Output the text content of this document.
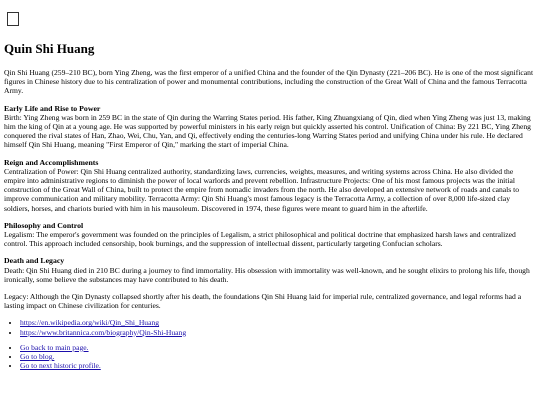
Quin Shi Huang

Qin Shi Huang (259–210 BC), born Ying Zheng, was the first emperor of a unified China and the founder of the Qin Dynasty (221–206 BC). He is one of the most significant figures in Chinese history due to his centralization of power and monumental contributions, including the construction of the Great Wall of China and the famous Terracotta Army.

Early Life and Rise to Power

Birth: Ying Zheng was born in 259 BC in the state of Qin during the Warring States period. His father, King Zhuangxiang of Qin, died when Ying Zheng was just 13, making him the king of Qin at a young age. He was supported by powerful ministers in his early reign but quickly asserted his control. Unification of China: By 221 BC, Ying Zheng conquered the rival states of Han, Zhao, Wei, Chu, Yan, and Qi, effectively ending the centuries-long Warring States period and unifying China under his rule. He declared himself Qin Shi Huang, meaning "First Emperor of Qin," marking the start of imperial China.

Reign and Accomplishments

Centralization of Power: Qin Shi Huang centralized authority, standardizing laws, currencies, weights, measures, and writing systems across China. He also divided the empire into administrative regions to diminish the power of local warlords and prevent rebellion. Infrastructure Projects: One of his most famous projects was the initial construction of the Great Wall of China, built to protect the empire from nomadic invaders from the north. He also developed an extensive network of roads and canals to improve communication and military mobility. Terracotta Army: Qin Shi Huang's most famous legacy is the Terracotta Army, a collection of over 8,000 life-sized clay soldiers, horses, and chariots buried with him in his mausoleum. Discovered in 1974, these figures were meant to guard him in the afterlife.

Philosophy and Control

Legalism: The emperor's government was founded on the principles of Legalism, a strict philosophical and political doctrine that emphasized harsh laws and centralized control. This approach included censorship, book burnings, and the suppression of intellectual dissent, particularly targeting Confucian scholars.

Death and Legacy

Death: Qin Shi Huang died in 210 BC during a journey to find immortality. His obsession with immortality was well-known, and he sought elixirs to prolong his life, though ironically, some believe the substances may have contributed to his death.

Legacy: Although the Qin Dynasty collapsed shortly after his death, the foundations Qin Shi Huang laid for imperial rule, centralized governance, and legal reforms had a lasting impact on Chinese civilization for centuries.

• https://en.wikipedia.org/wiki/Qin_Shi_Huang
• https://www.britannica.com/biography/Qin-Shi-Huang
• Go back to main page.
• Go to blog.
• Go to next historic profile.
